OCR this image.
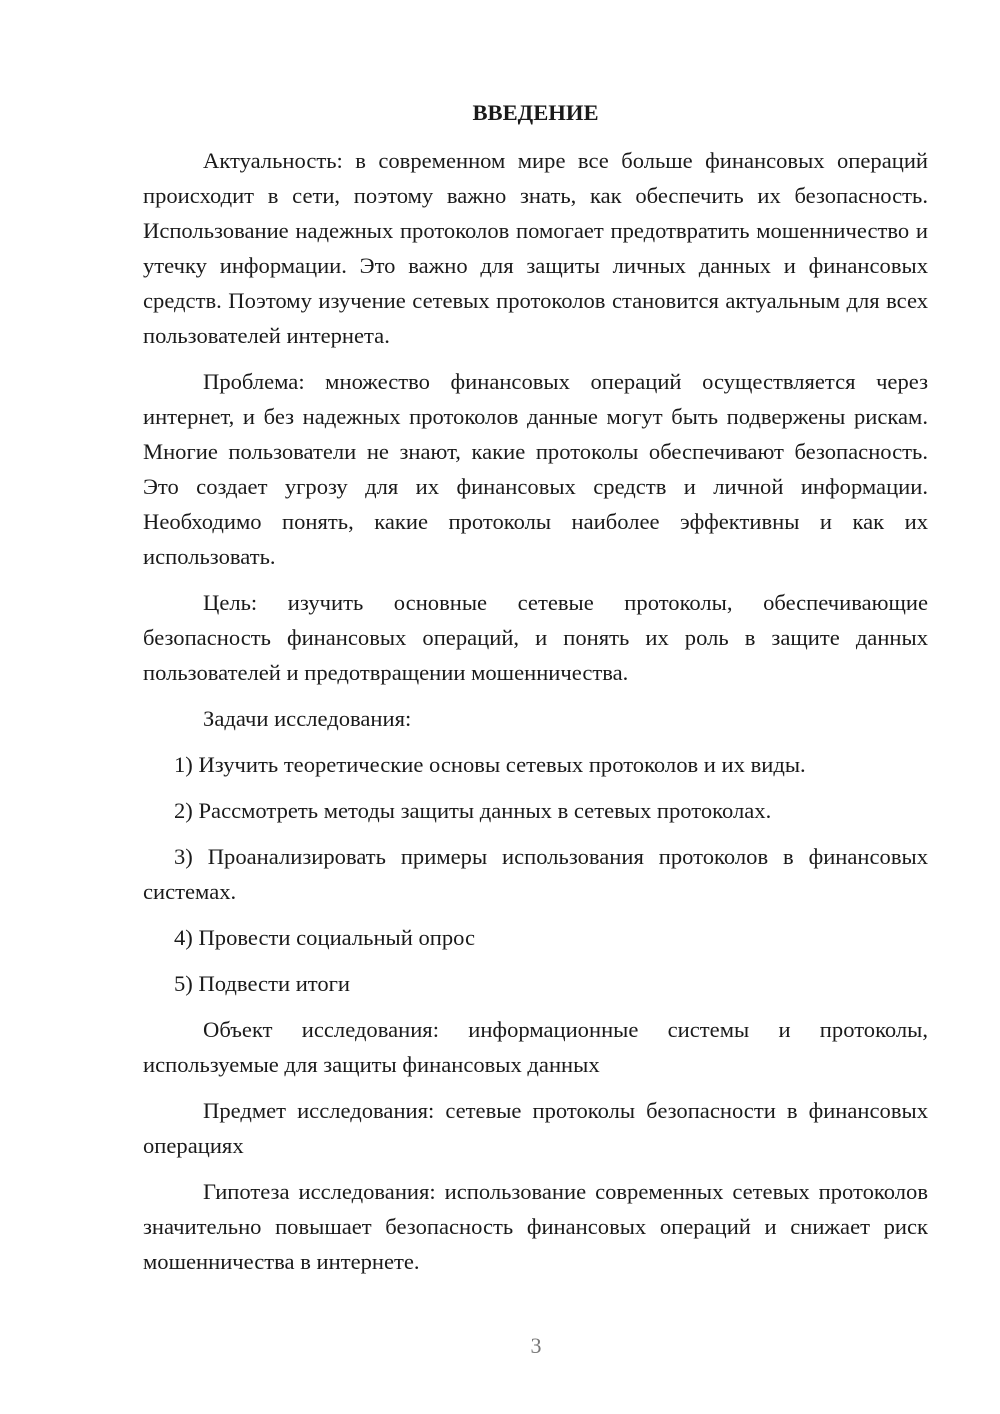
ВВЕДЕНИЕ

Актуальность: в современном мире все больше финансовых операций происходит в сети, поэтому важно знать, как обеспечить их безопасность. Использование надежных протоколов помогает предотвратить мошенничество и утечку информации. Это важно для защиты личных данных и финансовых средств. Поэтому изучение сетевых протоколов становится актуальным для всех пользователей интернета.

Проблема: множество финансовых операций осуществляется через интернет, и без надежных протоколов данные могут быть подвержены рискам. Многие пользователи не знают, какие протоколы обеспечивают безопасность. Это создает угрозу для их финансовых средств и личной информации. Необходимо понять, какие протоколы наиболее эффективны и как их использовать.

Цель: изучить основные сетевые протоколы, обеспечивающие безопасность финансовых операций, и понять их роль в защите данных пользователей и предотвращении мошенничества.

Задачи исследования:

1) Изучить теоретические основы сетевых протоколов и их виды.

2) Рассмотреть методы защиты данных в сетевых протоколах.

3) Проанализировать примеры использования протоколов в финансовых системах.

4) Провести социальный опрос

5) Подвести итоги

Объект исследования: информационные системы и протоколы, используемые для защиты финансовых данных

Предмет исследования: сетевые протоколы безопасности в финансовых операциях

Гипотеза исследования: использование современных сетевых протоколов значительно повышает безопасность финансовых операций и снижает риск мошенничества в интернете.

3
